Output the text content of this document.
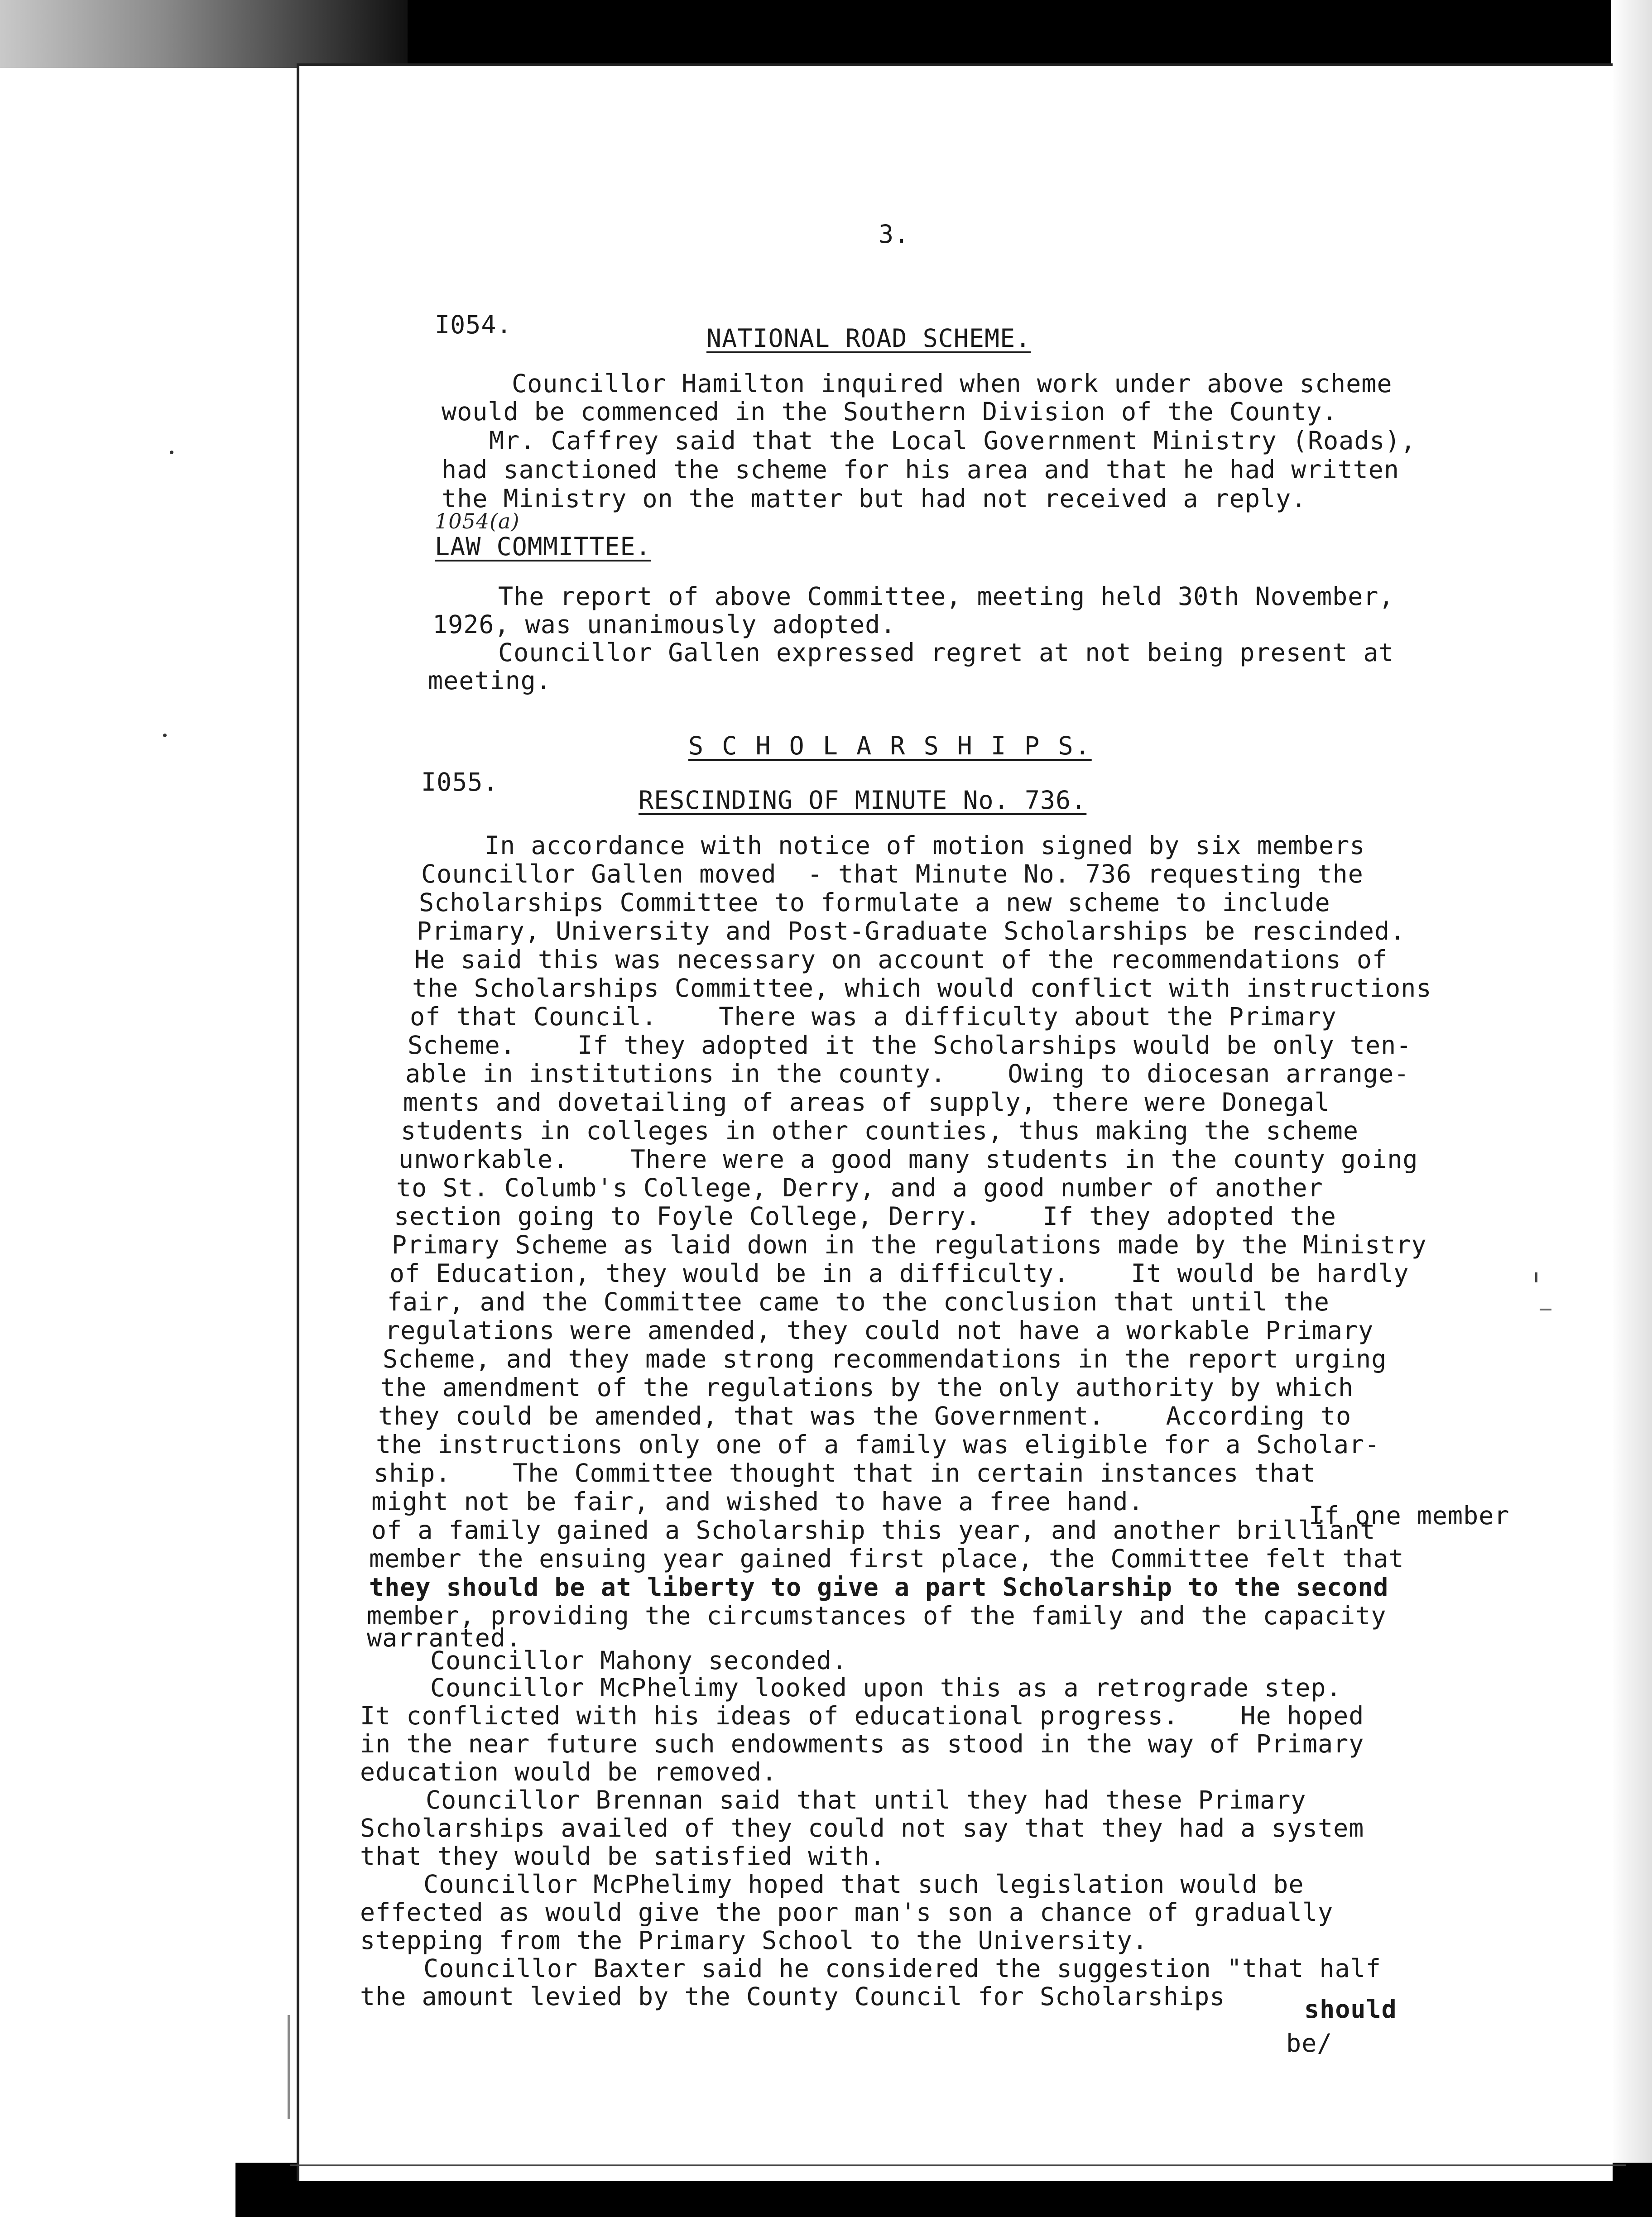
3.
I054.	NATIONAL ROAD SCHEME.
Councillor Hamilton inquired when work under above scheme
would be commenced in the Southern Division of the County.
Mr. Caffrey said that the Local Government Ministry (Roads),
had sanctioned the scheme for his area and that he had written
the Ministry on the matter but had not received a reply.
1054(a)
LAW COMMITTEE.
The report of above Committee, meeting held 30th November,
1926, was unanimously adopted.
Councillor Gallen expressed regret at not being present at
meeting.
S C H O L A R S H I P S.
I055.
RESCINDING OF MINUTE No. 736.
In accordance with notice of motion signed by six members
Councillor Gallen moved  - that Minute No. 736 requesting the
Scholarships Committee to formulate a new scheme to include
Primary, University and Post-Graduate Scholarships be rescinded.
He said this was necessary on account of the recommendations of
the Scholarships Committee, which would conflict with instructions
of that Council.    There was a difficulty about the Primary
Scheme.    If they adopted it the Scholarships would be only ten-
able in institutions in the county.    Owing to diocesan arrange-
ments and dovetailing of areas of supply, there were Donegal
students in colleges in other counties, thus making the scheme
unworkable.    There were a good many students in the county going
to St. Columb's College, Derry, and a good number of another
section going to Foyle College, Derry.    If they adopted the
Primary Scheme as laid down in the regulations made by the Ministry
of Education, they would be in a difficulty.    It would be hardly
fair, and the Committee came to the conclusion that until the
regulations were amended, they could not have a workable Primary
Scheme, and they made strong recommendations in the report urging
the amendment of the regulations by the only authority by which
they could be amended, that was the Government.    According to
the instructions only one of a family was eligible for a Scholar-
ship.    The Committee thought that in certain instances that
might not be fair, and wished to have a free hand.	If one member
of a family gained a Scholarship this year, and another brilliant
member the ensuing year gained first place, the Committee felt that
they should be at liberty to give a part Scholarship to the second
member, providing the circumstances of the family and the capacity
warranted.
Councillor Mahony seconded.
Councillor McPhelimy looked upon this as a retrograde step.
It conflicted with his ideas of educational progress.    He hoped
in the near future such endowments as stood in the way of Primary
education would be removed.
Councillor Brennan said that until they had these Primary
Scholarships availed of they could not say that they had a system
that they would be satisfied with.
Councillor McPhelimy hoped that such legislation would be
effected as would give the poor man's son a chance of gradually
stepping from the Primary School to the University.
Councillor Baxter said he considered the suggestion "that half
the amount levied by the County Council for Scholarships	should
be/
